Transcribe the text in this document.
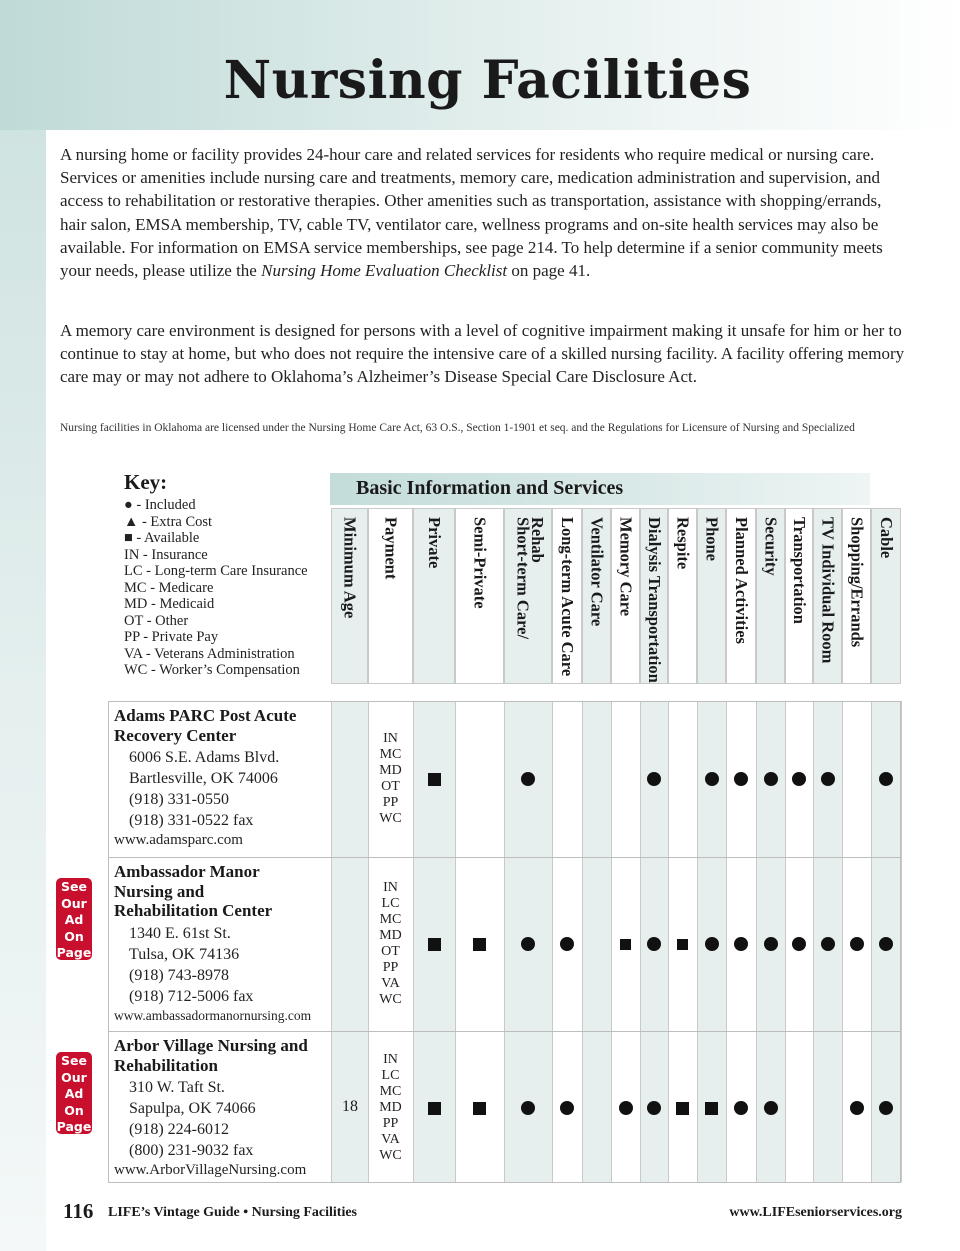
Nursing Facilities
A nursing home or facility provides 24-hour care and related services for residents who require medical or nursing care. Services or amenities include nursing care and treatments, memory care, medication administration and supervision, and access to rehabilitation or restorative therapies. Other amenities such as transportation, assistance with shopping/errands, hair salon, EMSA membership, TV, cable TV, ventilator care, wellness programs and on-site health services may also be available. For information on EMSA service memberships, see page 214. To help determine if a senior community meets your needs, please utilize the Nursing Home Evaluation Checklist on page 41.
A memory care environment is designed for persons with a level of cognitive impairment making it unsafe for him or her to continue to stay at home, but who does not require the intensive care of a skilled nursing facility. A facility offering memory care may or may not adhere to Oklahoma’s Alzheimer’s Disease Special Care Disclosure Act.
Nursing facilities in Oklahoma are licensed under the Nursing Home Care Act, 63 O.S., Section 1-1901 et seq. and the Regulations for Licensure of Nursing and Specialized
Key:
● - Included
▲ - Extra Cost
■ - Available
IN - Insurance
LC - Long-term Care Insurance
MC - Medicare
MD - Medicaid
OT - Other
PP - Private Pay
VA - Veterans Administration
WC - Worker’s Compensation
Basic Information and Services
Minimum Age Payment Private Semi-Private Rehab
Short-term Care/ Long-term Acute Care Ventilator Care Memory Care Dialysis Transportation Respite Phone Planned Activities Security Transportation TV Individual Room Shopping/Errands Cable
Adams PARC Post Acute
Recovery Center
6006 S.E. Adams Blvd.
Bartlesville, OK 74006
(918) 331-0550
(918) 331-0522 fax
www.adamsparc.com
IN
MC
MD
OT
PP
WC
Ambassador Manor
Nursing and
Rehabilitation Center
1340 E. 61st St.
Tulsa, OK 74136
(918) 743-8978
(918) 712-5006 fax
www.ambassadormanornursing.com
IN
LC
MC
MD
OT
PP
VA
WC
See
Our
Ad On
Page
117
Arbor Village Nursing and
Rehabilitation
310 W. Taft St.
Sapulpa, OK 74066
(918) 224-6012
(800) 231-9032 fax
www.ArborVillageNursing.com
IN
LC
MC
MD
PP
VA
WC
18
See
Our
Ad On
Page
133
116 LIFE’s Vintage Guide • Nursing Facilities	www.LIFEseniorservices.org
